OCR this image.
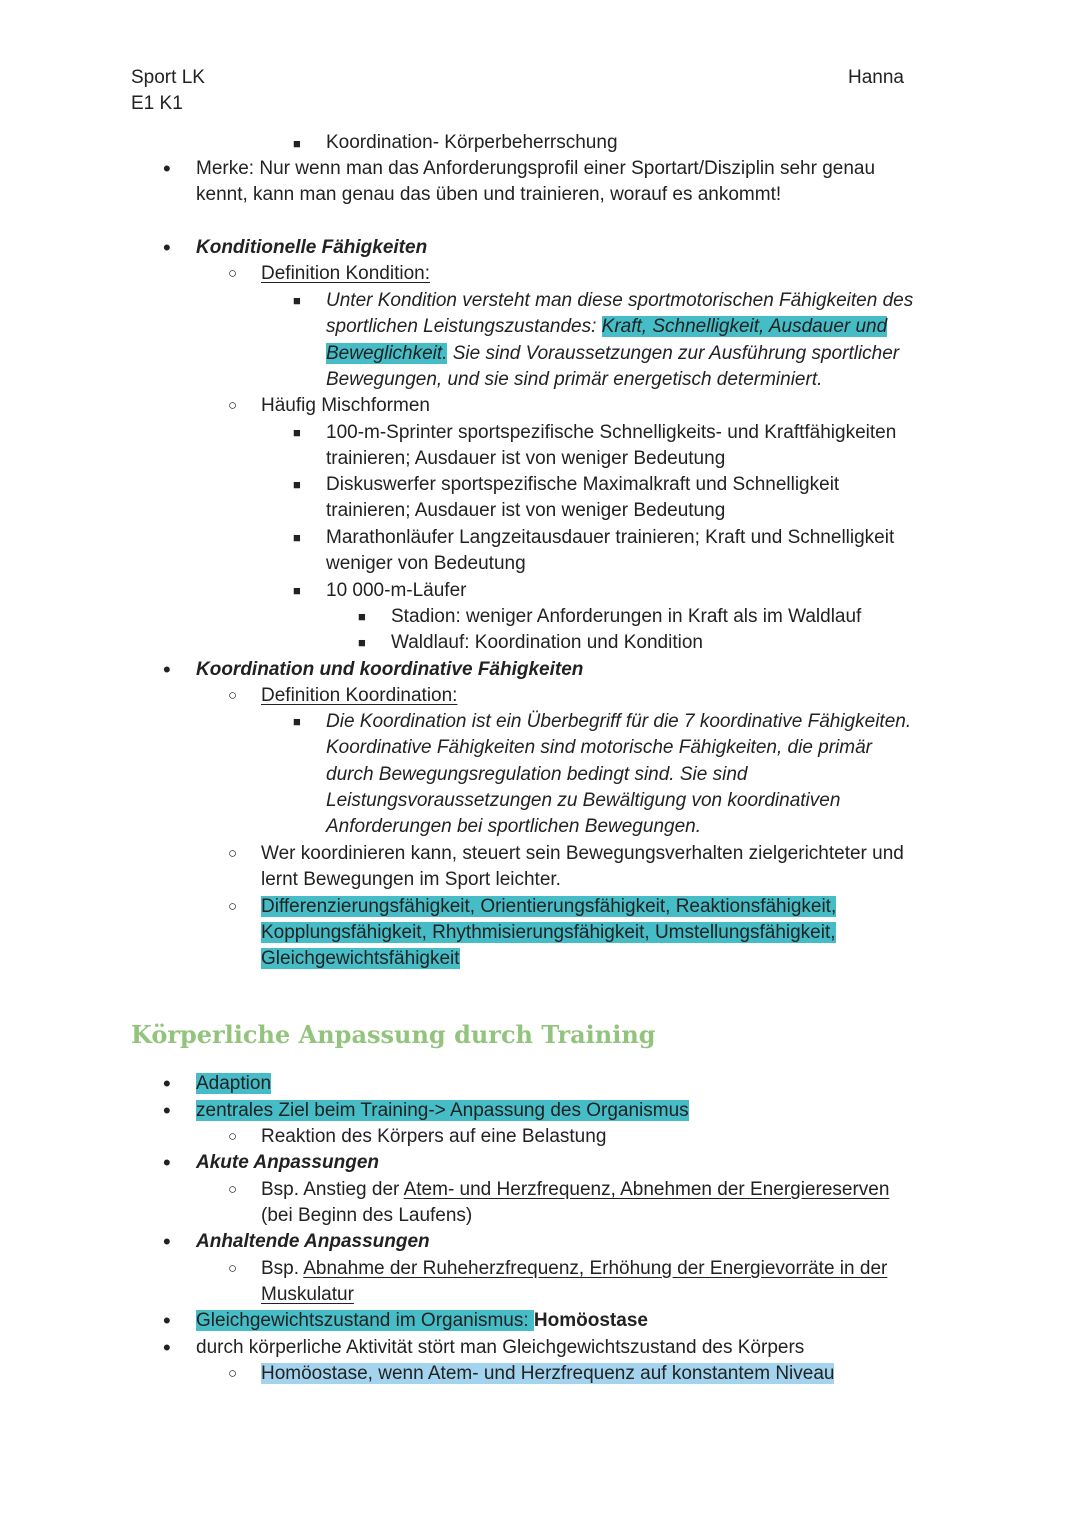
Sport LK
E1 K1
Hanna
■ Koordination- Körperbeherrschung
• Merke: Nur wenn man das Anforderungsprofil einer Sportart/Disziplin sehr genau
kennt, kann man genau das üben und trainieren, worauf es ankommt!
• Konditionelle Fähigkeiten
○ Definition Kondition:
■ Unter Kondition versteht man diese sportmotorischen Fähigkeiten des
sportlichen Leistungszustandes: Kraft, Schnelligkeit, Ausdauer und
Beweglichkeit. Sie sind Voraussetzungen zur Ausführung sportlicher
Bewegungen, und sie sind primär energetisch determiniert.
○ Häufig Mischformen
■ 100-m-Sprinter sportspezifische Schnelligkeits- und Kraftfähigkeiten
trainieren; Ausdauer ist von weniger Bedeutung
■ Diskuswerfer sportspezifische Maximalkraft und Schnelligkeit
trainieren; Ausdauer ist von weniger Bedeutung
■ Marathonläufer Langzeitausdauer trainieren; Kraft und Schnelligkeit
weniger von Bedeutung
■ 10 000-m-Läufer
■ Stadion: weniger Anforderungen in Kraft als im Waldlauf
■ Waldlauf: Koordination und Kondition
• Koordination und koordinative Fähigkeiten
○ Definition Koordination:
■ Die Koordination ist ein Überbegriff für die 7 koordinative Fähigkeiten.
Koordinative Fähigkeiten sind motorische Fähigkeiten, die primär
durch Bewegungsregulation bedingt sind. Sie sind
Leistungsvoraussetzungen zu Bewältigung von koordinativen
Anforderungen bei sportlichen Bewegungen.
○ Wer koordinieren kann, steuert sein Bewegungsverhalten zielgerichteter und
lernt Bewegungen im Sport leichter.
○ Differenzierungsfähigkeit, Orientierungsfähigkeit, Reaktionsfähigkeit,
Kopplungsfähigkeit, Rhythmisierungsfähigkeit, Umstellungsfähigkeit,
Gleichgewichtsfähigkeit
Körperliche Anpassung durch Training
• Adaption
• zentrales Ziel beim Training-> Anpassung des Organismus
○ Reaktion des Körpers auf eine Belastung
• Akute Anpassungen
○ Bsp. Anstieg der Atem- und Herzfrequenz, Abnehmen der Energiereserven
(bei Beginn des Laufens)
• Anhaltende Anpassungen
○ Bsp. Abnahme der Ruheherzfrequenz, Erhöhung der Energievorräte in der
Muskulatur
• Gleichgewichtszustand im Organismus: Homöostase
• durch körperliche Aktivität stört man Gleichgewichtszustand des Körpers
○ Homöostase, wenn Atem- und Herzfrequenz auf konstantem Niveau
